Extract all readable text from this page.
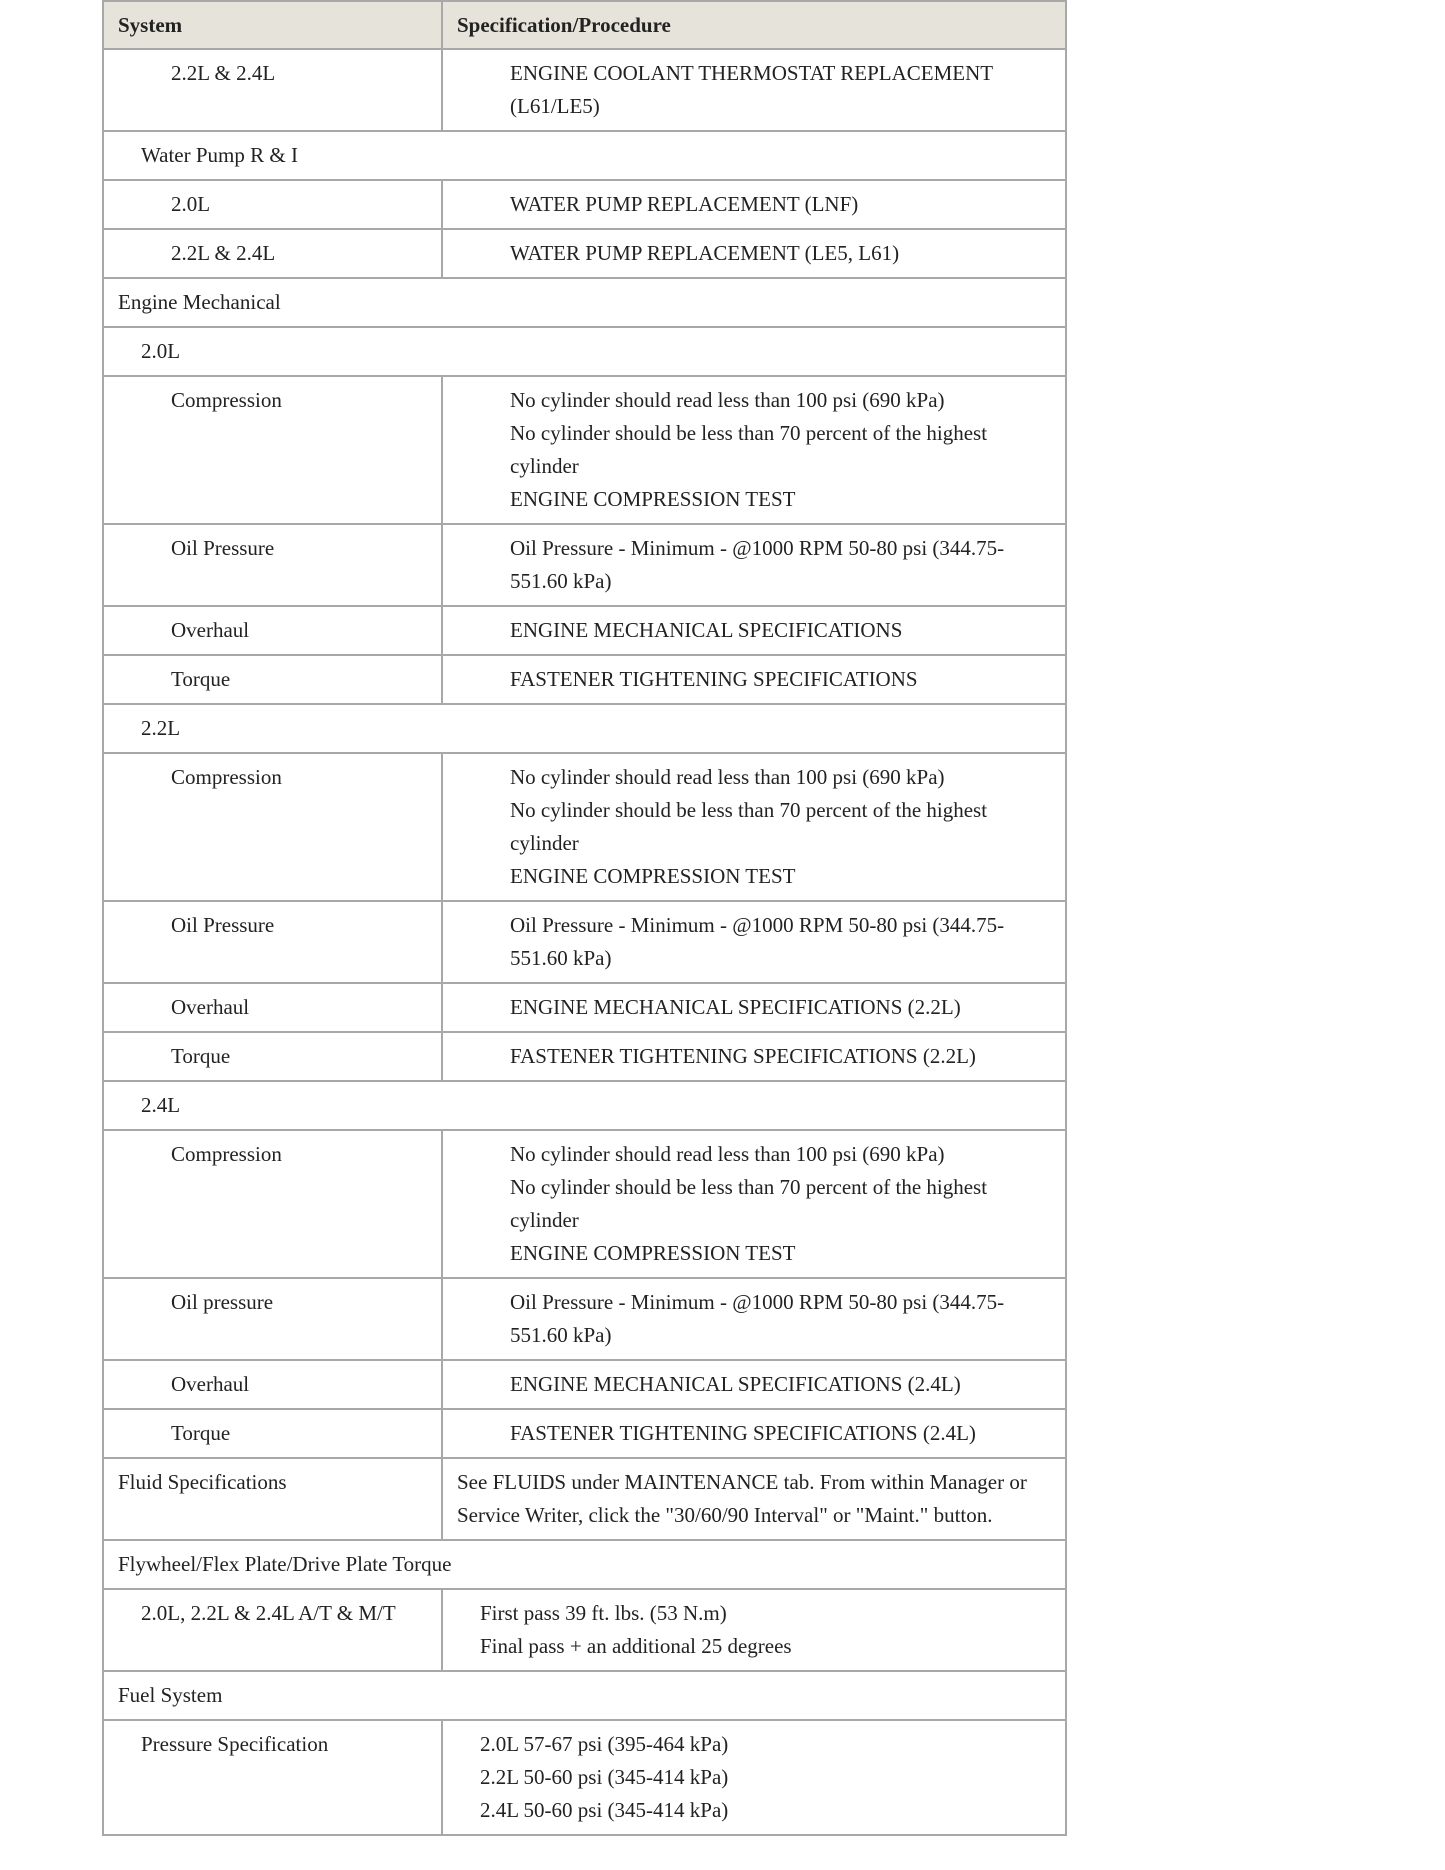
System	Specification/Procedure

2.2L & 2.4L	ENGINE COOLANT THERMOSTAT REPLACEMENT (L61/LE5)

Water Pump R & I	

2.0L	WATER PUMP REPLACEMENT (LNF)

2.2L & 2.4L	WATER PUMP REPLACEMENT (LE5, L61)

Engine Mechanical	

2.0L	

Compression	No cylinder should read less than 100 psi (690 kPa)
No cylinder should be less than 70 percent of the highest cylinder
ENGINE COMPRESSION TEST

Oil Pressure	Oil Pressure - Minimum - @1000 RPM 50-80 psi (344.75-551.60 kPa)

Overhaul	ENGINE MECHANICAL SPECIFICATIONS

Torque	FASTENER TIGHTENING SPECIFICATIONS

2.2L	

Compression	No cylinder should read less than 100 psi (690 kPa)
No cylinder should be less than 70 percent of the highest cylinder
ENGINE COMPRESSION TEST

Oil Pressure	Oil Pressure - Minimum - @1000 RPM 50-80 psi (344.75-551.60 kPa)

Overhaul	ENGINE MECHANICAL SPECIFICATIONS (2.2L)

Torque	FASTENER TIGHTENING SPECIFICATIONS (2.2L)

2.4L	

Compression	No cylinder should read less than 100 psi (690 kPa)
No cylinder should be less than 70 percent of the highest cylinder
ENGINE COMPRESSION TEST

Oil pressure	Oil Pressure - Minimum - @1000 RPM 50-80 psi (344.75-551.60 kPa)

Overhaul	ENGINE MECHANICAL SPECIFICATIONS (2.4L)

Torque	FASTENER TIGHTENING SPECIFICATIONS (2.4L)

Fluid Specifications	See FLUIDS under MAINTENANCE tab. From within Manager or Service Writer, click the "30/60/90 Interval" or "Maint." button.

Flywheel/Flex Plate/Drive Plate Torque	

2.0L, 2.2L & 2.4L A/T & M/T	First pass 39 ft. lbs. (53 N.m)
Final pass + an additional 25 degrees

Fuel System	

Pressure Specification	2.0L 57-67 psi (395-464 kPa)
2.2L 50-60 psi (345-414 kPa)
2.4L 50-60 psi (345-414 kPa)
